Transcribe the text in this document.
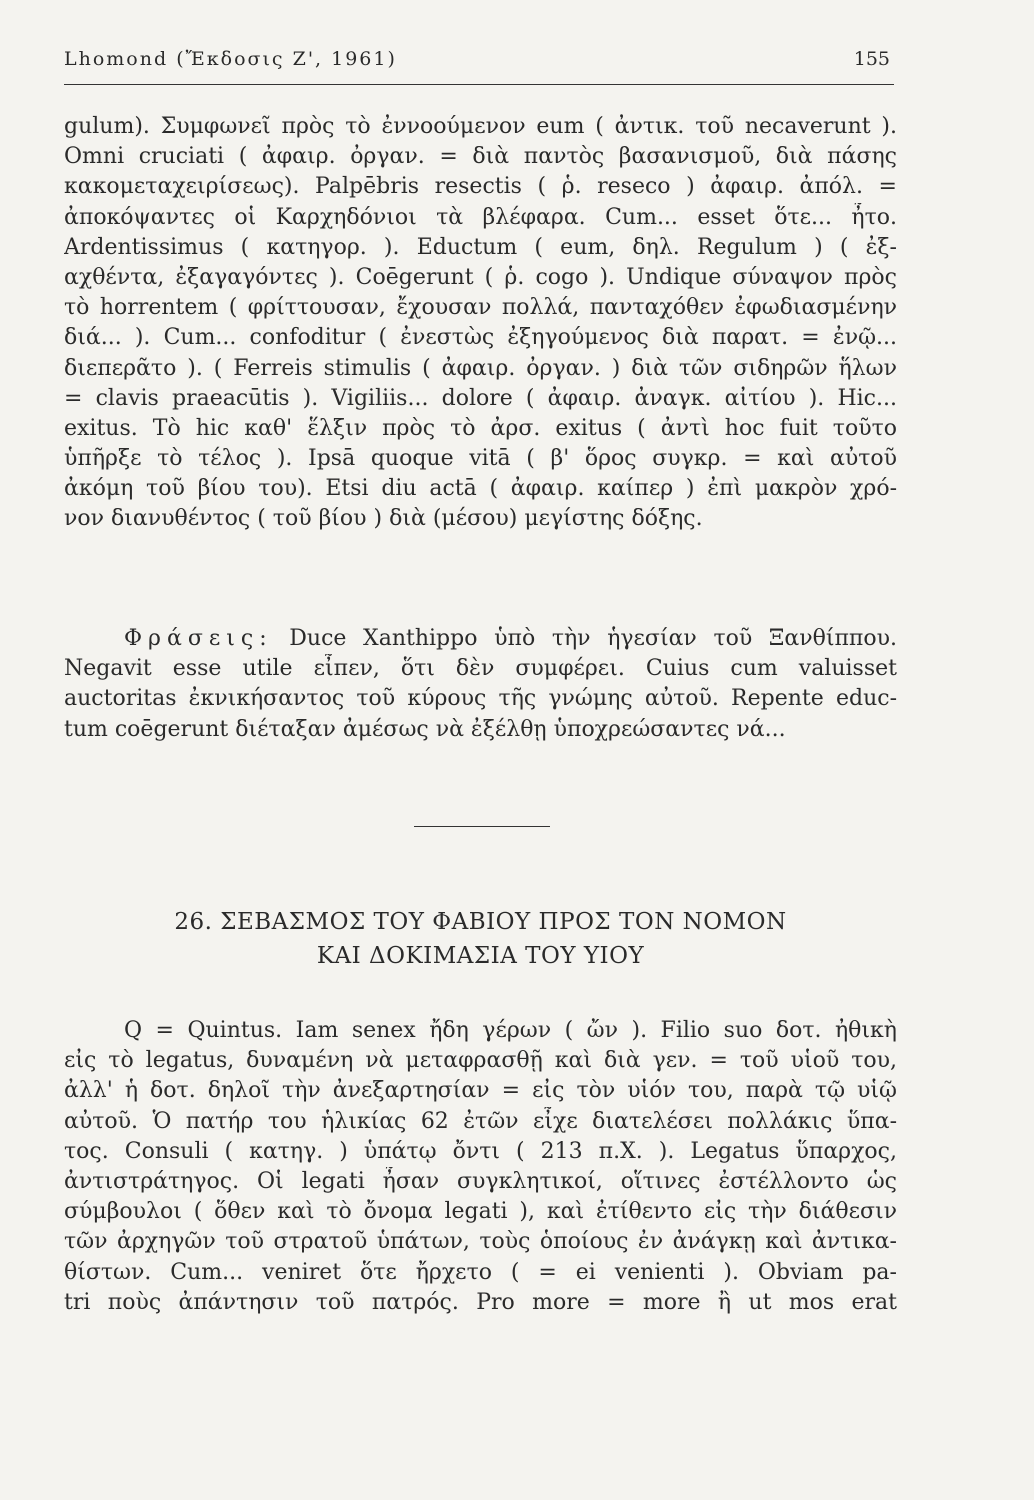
Lhomond (Ἔκδοσις Ζ', 1961)	155
gulum). Συμφωνεῖ πρὸς τὸ ἐννοούμενον eum ( ἀντικ. τοῦ necaverunt ).
Omni cruciati ( ἀφαιρ. ὀργαν. = διὰ παντὸς βασανισμοῦ, διὰ πάσης
κακομεταχειρίσεως). Palpēbris resectis ( ῥ. reseco ) ἀφαιρ. ἀπόλ. =
ἀποκόψαντες οἱ Καρχηδόνιοι τὰ βλέφαρα. Cum... esset ὅτε... ἦτο.
Ardentissimus ( κατηγορ. ). Eductum ( eum, δηλ. Regulum ) ( ἐξ-
αχθέντα, ἐξαγαγόντες ). Coēgerunt ( ῥ. cogo ). Undique σύναψον πρὸς
τὸ horrentem ( φρίττουσαν, ἔχουσαν πολλά, πανταχόθεν ἐφωδιασμένην
διά... ). Cum... confoditur ( ἐνεστὼς ἐξηγούμενος διὰ παρατ. = ἐνῷ...
διεπερᾶτο ). ( Ferreis stimulis ( ἀφαιρ. ὀργαν. ) διὰ τῶν σιδηρῶν ἥλων
= clavis praeacūtis ). Vigiliis... dolore ( ἀφαιρ. ἀναγκ. αἰτίου ). Hic...
exitus. Τὸ hic καθ' ἕλξιν πρὸς τὸ ἀρσ. exitus ( ἀντὶ hoc fuit τοῦτο
ὑπῆρξε τὸ τέλος ). Ipsā quoque vitā ( β' ὅρος συγκρ. = καὶ αὐτοῦ
ἀκόμη τοῦ βίου του). Etsi diu actā ( ἀφαιρ. καίπερ ) ἐπὶ μακρὸν χρό-
νον διανυθέντος ( τοῦ βίου ) διὰ (μέσου) μεγίστης δόξης.
Φράσεις: Duce Xanthippo ὑπὸ τὴν ἡγεσίαν τοῦ Ξανθίππου.
Negavit esse utile εἶπεν, ὅτι δὲν συμφέρει. Cuius cum valuisset
auctoritas ἐκνικήσαντος τοῦ κύρους τῆς γνώμης αὐτοῦ. Repente educ-
tum coēgerunt διέταξαν ἀμέσως νὰ ἐξέλθῃ ὑποχρεώσαντες νά...
26. ΣΕΒΑΣΜΟΣ ΤΟΥ ΦΑΒΙΟΥ ΠΡΟΣ ΤΟΝ ΝΟΜΟΝ
ΚΑΙ ΔΟΚΙΜΑΣΙΑ ΤΟΥ ΥΙΟΥ
Q = Quintus. Iam senex ἤδη γέρων ( ὤν ). Filio suo δοτ. ἠθικὴ
εἰς τὸ legatus, δυναμένη νὰ μεταφρασθῇ καὶ διὰ γεν. = τοῦ υἱοῦ του,
ἀλλ' ἡ δοτ. δηλοῖ τὴν ἀνεξαρτησίαν = εἰς τὸν υἱόν του, παρὰ τῷ υἱῷ
αὐτοῦ. Ὁ πατήρ του ἡλικίας 62 ἐτῶν εἶχε διατελέσει πολλάκις ὕπα-
τος. Consuli ( κατηγ. ) ὑπάτῳ ὄντι ( 213 π.Χ. ). Legatus ὕπαρχος,
ἀντιστράτηγος. Οἱ legati ἦσαν συγκλητικοί, οἵτινες ἐστέλλοντο ὡς
σύμβουλοι ( ὅθεν καὶ τὸ ὄνομα legati ), καὶ ἐτίθεντο εἰς τὴν διάθεσιν
τῶν ἀρχηγῶν τοῦ στρατοῦ ὑπάτων, τοὺς ὁποίους ἐν ἀνάγκῃ καὶ ἀντικα-
θίστων. Cum... veniret ὅτε ἤρχετο ( = ei venienti ). Obviam pa-
tri ποὺς ἀπάντησιν τοῦ πατρός. Pro more = more ἢ ut mos erat
